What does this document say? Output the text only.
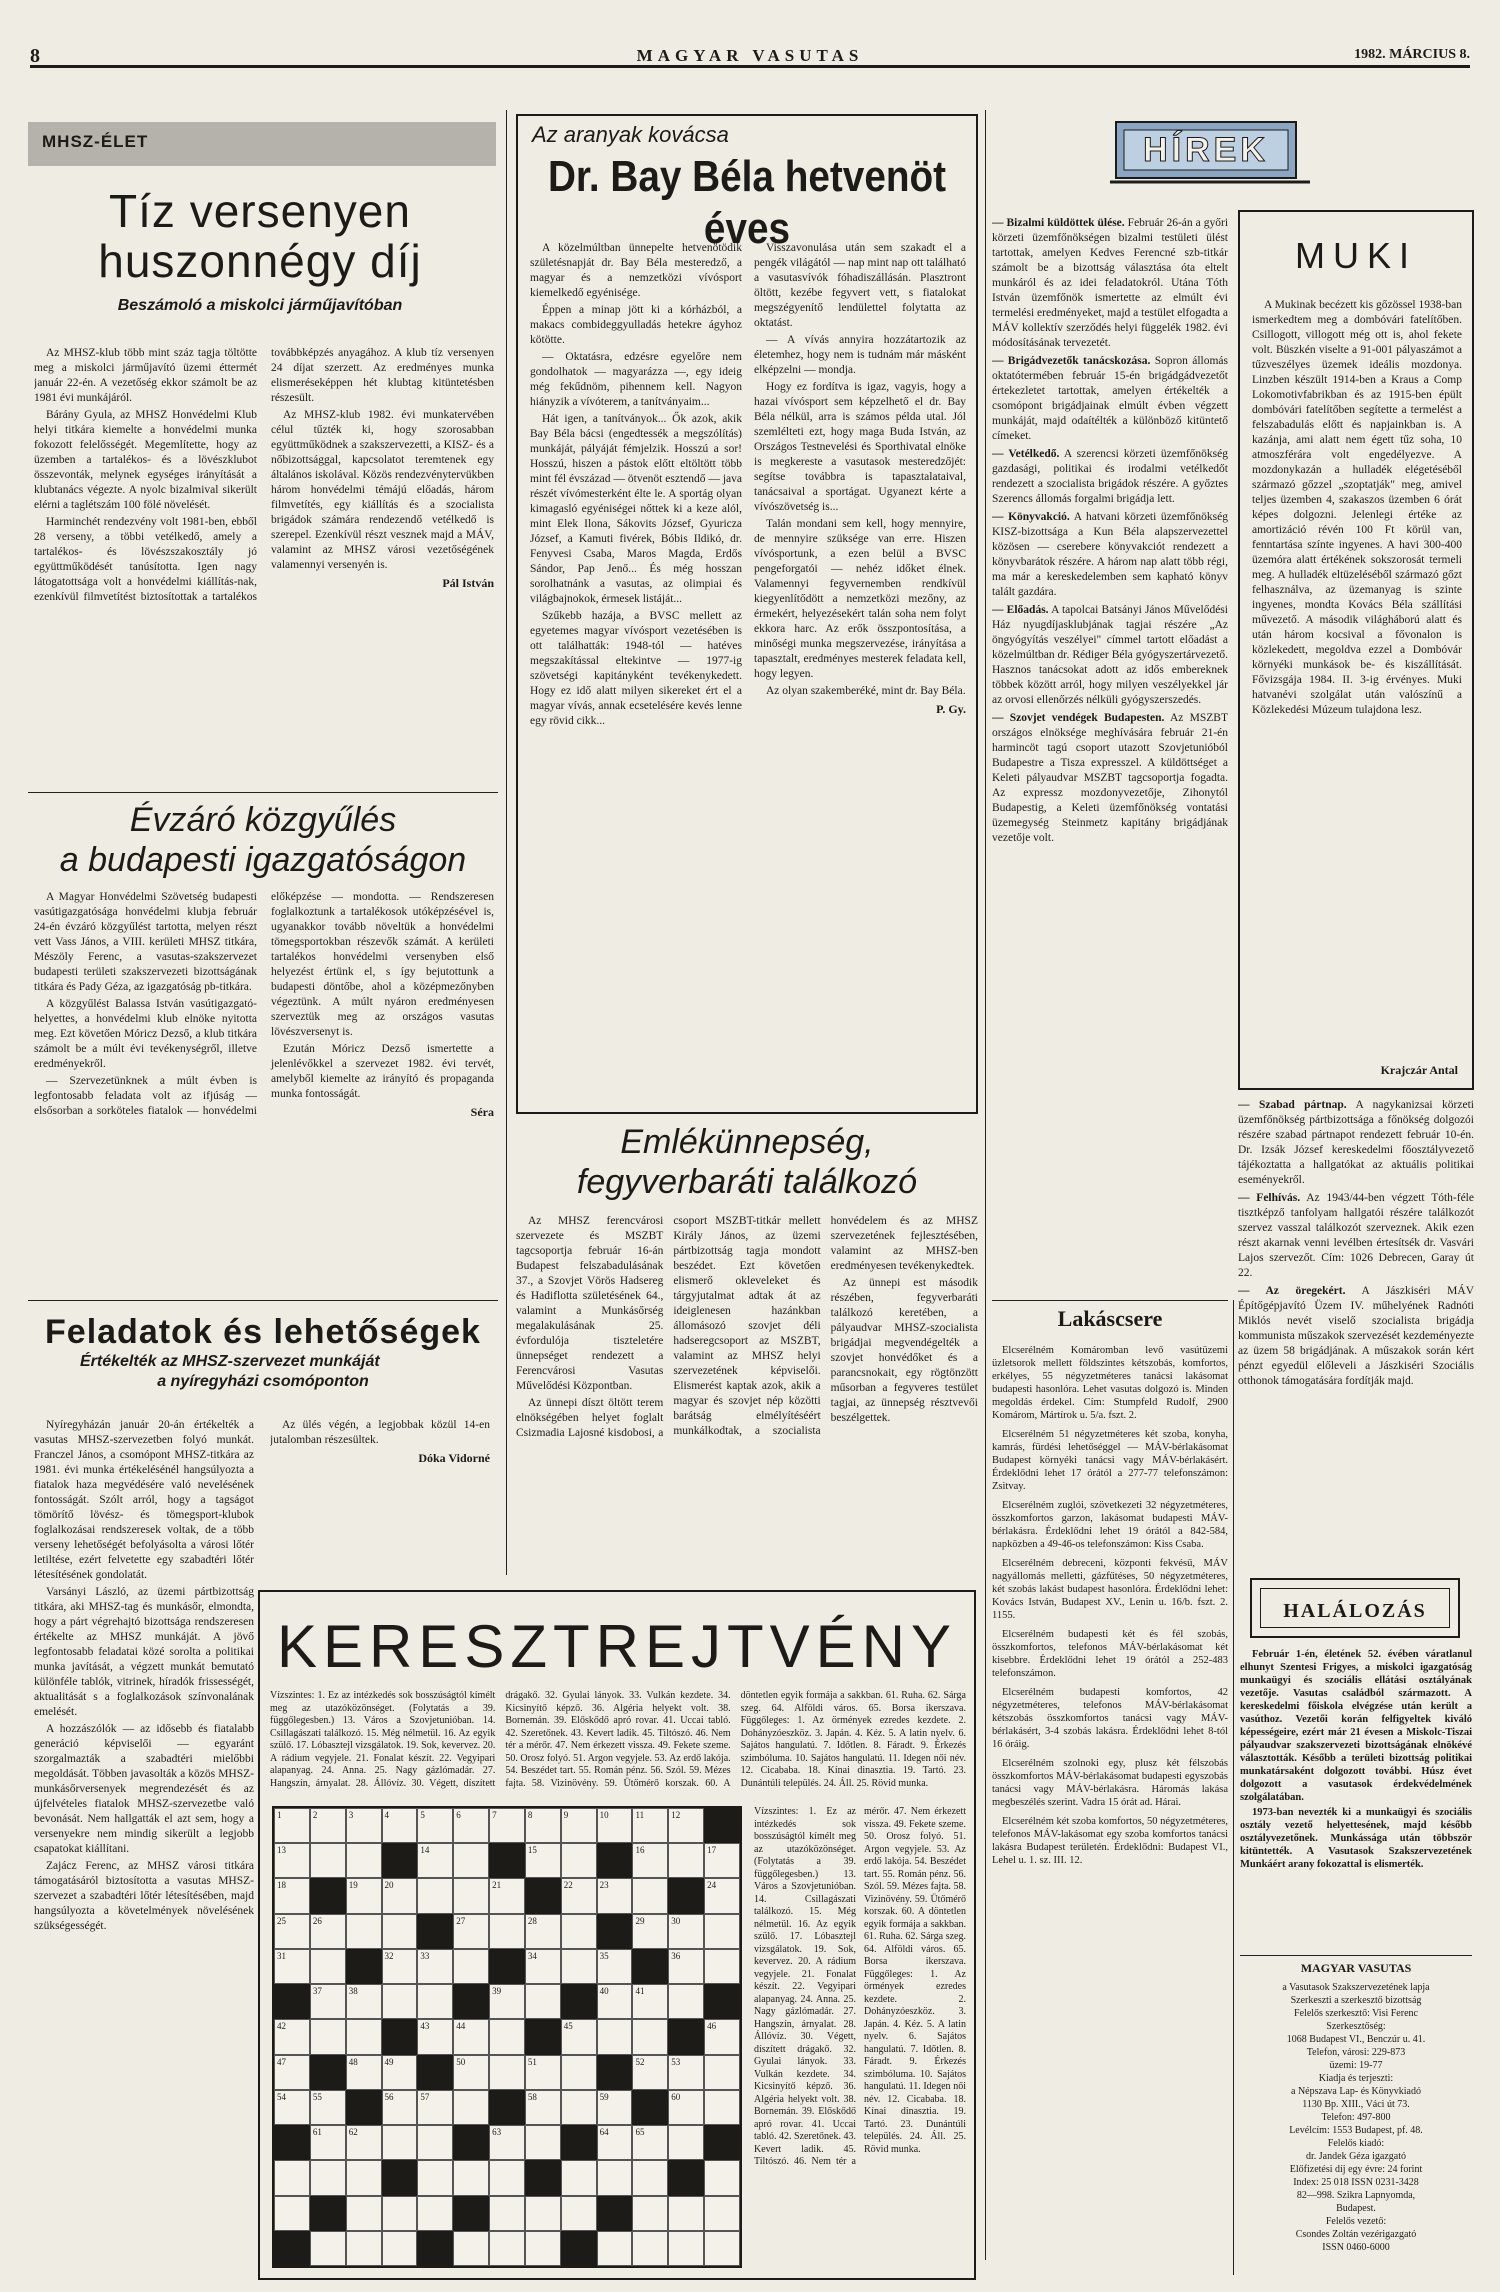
8	MAGYAR VASUTAS	1982. MÁRCIUS 8.
MHSZ-ÉLET
Tíz versenyen
huszonnégy díj
Beszámoló a miskolci járműjavítóban

Az MHSZ-klub több mint száz tagja töltötte meg a miskolci járműjavító üzemi éttermét január 22-én. A vezetőség ekkor számolt be az 1981 évi munkájáról.

Bárány Gyula, az MHSZ Honvédelmi Klub helyi titkára kiemelte a honvédelmi munka fokozott felelősségét. Megemlítette, hogy az üzemben a tartalékos- és a lövészklubot összevonták, melynek egységes irányítását a klubtanács végezte. A nyolc bizalmival sikerült elérni a taglétszám 100 fölé növelését.

Harminchét rendezvény volt 1981-ben, ebből 28 verseny, a többi vetélkedő, amely a tartalékos- és lövészszakosztály jó együttműködését tanúsította. Igen nagy látogatottsága volt a honvédelmi kiállítás-nak, ezenkívül filmvetítést biztosítottak a tartalékos továbbképzés anyagához. A klub tíz versenyen 24 díjat szerzett. Az eredményes munka elismeréseképpen hét klubtag kitüntetésben részesült.

Az MHSZ-klub 1982. évi munkatervében célul tűzték ki, hogy szorosabban együttműködnek a szakszervezetti, a KISZ- és a nőbizottsággal, kapcsolatot teremtenek egy általános iskolával. Közös rendezvénytervükben három honvédelmi témájú előadás, három filmvetítés, egy kiállítás és a szocialista brigádok számára rendezendő vetélkedő is szerepel. Ezenkívül részt vesznek majd a MÁV, valamint az MHSZ városi vezetőségének valamennyi versenyén is.

Pál István
Évzáró közgyűlés
a budapesti igazgatóságon

A Magyar Honvédelmi Szövetség budapesti vasútigazgatósága honvédelmi klubja február 24-én évzáró közgyűlést tartotta, melyen részt vett Vass János, a VIII. kerületi MHSZ titkára, Mészöly Ferenc, a vasutas-szakszervezet budapesti területi szakszervezeti bizottságának titkára és Pady Géza, az igazgatóság pb-titkára.

A közgyűlést Balassa István vasútigazgató-helyettes, a honvédelmi klub elnöke nyitotta meg. Ezt követően Móricz Dezső, a klub titkára számolt be a múlt évi tevékenységről, illetve eredményekről.

— Szervezetünknek a múlt évben is legfontosabb feladata volt az ifjúság — elsősorban a sorköteles fiatalok — honvédelmi előképzése — mondotta. — Rendszeresen foglalkoztunk a tartalékosok utóképzésével is, ugyanakkor tovább növeltük a honvédelmi tömegsportokban részevők számát. A kerületi tartalékos honvédelmi versenyben első helyezést értünk el, s így bejutottunk a budapesti döntőbe, ahol a középmezőnyben végeztünk. A múlt nyáron eredményesen szerveztük meg az országos vasutas lövészversenyt is.

Ezután Móricz Dezső ismertette a jelenlévőkkel a szervezet 1982. évi tervét, amelyből kiemelte az irányító és propaganda munka fontosságát.

Séra
Feladatok és lehetőségek
Értékelték az MHSZ-szervezet munkáját
a nyíregyházi csomóponton

Nyíregyházán január 20-án értékelték a vasutas MHSZ-szervezetben folyó munkát. Franczel János, a csomópont MHSZ-titkára az 1981. évi munka értékelésénél hangsúlyozta a fiatalok haza megvédésére való nevelésének fontosságát. Szólt arról, hogy a tagságot tömörítő lövész- és tömegsport-klubok foglalkozásai rendszeresek voltak, de a több verseny lehetőségét befolyásolta a városi lőtér letiltése, ezért felvetette egy szabadtéri lőtér létesítésének gondolatát.

Varsányi László, az üzemi pártbizottság titkára, aki MHSZ-tag és munkásőr, elmondta, hogy a párt végrehajtó bizottsága rendszeresen értékelte az MHSZ munkáját. A jövő legfontosabb feladatai közé sorolta a politikai munka javítását, a végzett munkát bemutató különféle tablók, vitrinek, híradók frissességét, aktualitását s a foglalkozások színvonalának emelését.

A hozzászólók — az idősebb és fiatalabb generáció képviselői — egyaránt szorgalmazták a szabadtéri mielőbbi megoldását. Többen javasolták a közös MHSZ-munkásőrversenyek megrendezését és az újfelvételes fiatalok MHSZ-szervezetbe való bevonását. Nem hallgatták el azt sem, hogy a versenyekre nem mindig sikerült a legjobb csapatokat kiállítani.

Zajácz Ferenc, az MHSZ városi titkára támogatásáról biztosította a vasutas MHSZ-szervezet a szabadtéri lőtér létesítésében, majd hangsúlyozta a követelmények növelésének szükségességét.

Az ülés végén, a legjobbak közül 14-en jutalomban részesültek.

Dóka Vidorné
Az aranyak kovácsa
Dr. Bay Béla hetvenöt éves

A közelmúltban ünnepelte hetvenötödik születésnapját dr. Bay Béla mesteredző, a magyar és a nemzetközi vívósport kiemelkedő egyénisége.

Éppen a minap jött ki a kórházból, a makacs combideggyulladás hetekre ágyhoz kötötte.

— Oktatásra, edzésre egyelőre nem gondolhatok — magyarázza —, egy ideig még fekűdnöm, pihennem kell. Nagyon hiányzik a vívóterem, a tanítványaim...

Hát igen, a tanítványok... Ők azok, akik Bay Béla bácsi (engedtessék a megszólítás) munkáját, pályáját fémjelzik. Hosszú a sor! Hosszú, hiszen a pástok előtt eltöltött több mint fél évszázad — ötvenöt esztendő — java részét vívómesterként élte le. A sportág olyan kimagasló egyéniségei nőttek ki a keze alól, mint Elek Ilona, Sákovits József, Gyuricza József, a Kamuti fivérek, Bóbis Ildikó, dr. Fenyvesi Csaba, Maros Magda, Erdős Sándor, Pap Jenő... És még hosszan sorolhatnánk a vasutas, az olimpiai és világbajnokok, érmesek listáját...

Szűkebb hazája, a BVSC mellett az egyetemes magyar vívósport vezetésében is ott találhatták: 1948-tól — hatéves megszakítással eltekintve — 1977-ig szövetségi kapitányként tevékenykedett. Hogy ez idő alatt milyen sikereket ért el a magyar vívás, annak ecsetelésére kevés lenne egy rövid cikk...

Visszavonulása után sem szakadt el a pengék világától — nap mint nap ott található a vasutasvívók fóhadiszállásán. Plasztront öltött, kezébe fegyvert vett, s fiatalokat megszégyenítő lendülettel folytatta az oktatást.

— A vívás annyira hozzátartozik az életemhez, hogy nem is tudnám már másként elképzelni — mondja.

Hogy ez fordítva is igaz, vagyis, hogy a hazai vívósport sem képzelhető el dr. Bay Béla nélkül, arra is számos példa utal. Jól szemlélteti ezt, hogy maga Buda István, az Országos Testnevelési és Sporthivatal elnöke is megkereste a vasutasok mesteredzőjét: segítse továbbra is tapasztalataival, tanácsaival a sportágat. Ugyanezt kérte a vívószövetség is...

Talán mondani sem kell, hogy mennyire, de mennyire szüksége van erre. Hiszen vívósportunk, a ezen belül a BVSC pengeforgatói — nehéz időket élnek. Valamennyi fegyvernemben rendkívül kiegyenlítődött a nemzetközi mezőny, az érmekért, helyezésekért talán soha nem folyt ekkora harc. Az erők összpontosítása, a minőségi munka megszervezése, irányítása a tapasztalt, eredményes mesterek feladata kell, hogy legyen.

Az olyan szakemberéké, mint dr. Bay Béla.

P. Gy.
Emlékünnepség,
fegyverbaráti találkozó

Az MHSZ ferencvárosi szervezete és MSZBT tagcsoportja február 16-án Budapest felszabadulásának 37., a Szovjet Vörös Hadsereg és Hadiflotta születésének 64., valamint a Munkásőrség megalakulásának 25. évfordulója tiszteletére ünnepséget rendezett a Ferencvárosi Vasutas Művelődési Központban.

Az ünnepi díszt öltött terem elnökségében helyet foglalt Csizmadia Lajosné kisdobosi, a csoport MSZBT-titkár mellett Király János, az üzemi pártbizottság tagja mondott beszédet. Ezt követően elismerő okleveleket és tárgyjutalmat adtak át az ideiglenesen hazánkban állomásozó szovjet déli hadseregcsoport az MSZBT, valamint az MHSZ helyi szervezetének képviselői. Elismerést kaptak azok, akik a magyar és szovjet nép közötti barátság elmélyítéséért munkálkodtak, a szocialista honvédelem és az MHSZ szervezetének fejlesztésében, valamint az MHSZ-ben eredményesen tevékenykedtek.

Az ünnepi est második részében, fegyverbaráti találkozó keretében, a pályaudvar MHSZ-szocialista brigádjai megvendégelték a szovjet honvédőket és a parancsnokait, egy rögtönzött műsorban a fegyveres testület tagjai, az ünnepség résztvevői beszélgettek.

KERESZTREJTVÉNY

Vízszintes: 1. Ez az intézkedés sok bosszúságtól kímélt meg az utazóközönséget. (Folytatás a 39. függőlegesben.) 13. Város a Szovjetunióban. 14. Csillagászati találkozó. 15. Még nélmetül. 16. Az egyik szülő. 17. Lóbasztejl vizsgálatok. 19. Sok, kevervez. 20. A rádium vegyjele. 21. Fonalat készít. 22. Vegyipari alapanyag. 24. Anna. 25. Nagy gázlómadár. 27. Hangszín, árnyalat. 28. Állóvíz. 30. Végett, díszített drágakő. 32. Gyulai lányok. 33. Vulkán kezdete. 34. Kicsinyítő képző. 36. Algéria helyekt volt. 38. Bornemán. 39. Előskődő apró rovar. 41. Uccai tabló. 42. Szeretőnek. 43. Kevert ladik. 45. Tiltószó. 46. Nem tér a mérőr. 47. Nem érkezett vissza. 49. Fekete szeme. 50. Orosz folyó. 51. Argon vegyjele. 53. Az erdő lakója. 54. Beszédet tart. 55. Román pénz. 56. Szól. 59. Mézes fajta. 58. Vizinövény. 59. Ütőmérő korszak. 60. A döntetlen egyik formája a sakkban. 61. Ruha. 62. Sárga szeg. 64. Alföldi város. 65. Borsa ikerszava. Függőleges: 1. Az örmények ezredes kezdete. 2. Dohányzóeszköz. 3. Japán. 4. Kéz. 5. A latin nyelv. 6. Sajátos hangulatú. 7. Időtlen. 8. Fáradt. 9. Érkezés szimbóluma. 10. Sajátos hangulatú. 11. Idegen női név. 12. Cicababa. 18. Kínai dinasztia. 19. Tartó. 23. Dunántúli település. 24. Áll. 25. Rövid munka.

1	2	3	4	5	6	7	8	9	10	11	12
13	14	15	16	17
18	19	20	21	22	23	24
25	26	27	28	29	30
31	32	33	34	35	36
37	38	39	40	41
42	43	44	45	46
47	48	49	50	51	52	53
54	55	56	57	58	59	60
61	62	63	64	65

Vízszintes: 1. Ez az intézkedés sok bosszúságtól kímélt meg az utazóközönséget. (Folytatás a 39. függőlegesben.) 13. Város a Szovjetunióban. 14. Csillagászati találkozó. 15. Még nélmetül. 16. Az egyik szülő. 17. Lóbasztejl vizsgálatok. 19. Sok, kevervez. 20. A rádium vegyjele. 21. Fonalat készít. 22. Vegyipari alapanyag. 24. Anna. 25. Nagy gázlómadár. 27. Hangszín, árnyalat. 28. Állóvíz. 30. Végett, díszített drágakő. 32. Gyulai lányok. 33. Vulkán kezdete. 34. Kicsinyítő képző. 36. Algéria helyekt volt. 38. Bornemán. 39. Előskődő apró rovar. 41. Uccai tabló. 42. Szeretőnek. 43. Kevert ladik. 45. Tiltószó. 46. Nem tér a mérőr. 47. Nem érkezett vissza. 49. Fekete szeme. 50. Orosz folyó. 51. Argon vegyjele. 53. Az erdő lakója. 54. Beszédet tart. 55. Román pénz. 56. Szól. 59. Mézes fajta. 58. Vizinövény. 59. Ütőmérő korszak. 60. A döntetlen egyik formája a sakkban. 61. Ruha. 62. Sárga szeg. 64. Alföldi város. 65. Borsa ikerszava. Függőleges: 1. Az örmények ezredes kezdete. 2. Dohányzóeszköz. 3. Japán. 4. Kéz. 5. A latin nyelv. 6. Sajátos hangulatú. 7. Időtlen. 8. Fáradt. 9. Érkezés szimbóluma. 10. Sajátos hangulatú. 11. Idegen női név. 12. Cicababa. 18. Kínai dinasztia. 19. Tartó. 23. Dunántúli település. 24. Áll. 25. Rövid munka.

HÍREK
— Bizalmi küldöttek ülése. Február 26-án a győri körzeti üzemfőnökségen bizalmi testületi ülést tartottak, amelyen Kedves Ferencné szb-titkár számolt be a bizottság választása óta eltelt munkáról és az idei feladatokról. Utána Tóth István üzemfőnök ismertette az elmúlt évi termelési eredményeket, majd a testület elfogadta a MÁV kollektív szerződés helyi függelék 1982. évi módosításának tervezetét.
— Brigádvezetők tanácskozása. Sopron állomás oktatótermében február 15-én brigádgádvezetőt értekezletet tartottak, amelyen értékelték a csomópont brigádjainak elmúlt évben végzett munkáját, majd odaítélték a különböző kitüntető címeket.
— Vetélkedő. A szerencsi körzeti üzemfőnökség gazdasági, politikai és irodalmi vetélkedőt rendezett a szocialista brigádok részére. A győztes Szerencs állomás forgalmi brigádja lett.
— Könyvakció. A hatvani körzeti üzemfőnökség KISZ-bizottsága a Kun Béla alapszervezettel közösen — cserebere könyvakciót rendezett a könyvbarátok részére. A három nap alatt több régi, ma már a kereskedelemben sem kapható könyv talált gazdára.
— Előadás. A tapolcai Batsányi János Művelődési Ház nyugdíjasklubjának tagjai részére „Az öngyógyítás veszélyei" címmel tartott előadást a közelmúltban dr. Rédiger Béla gyógyszertárvezető. Hasznos tanácsokat adott az idős embereknek többek között arról, hogy milyen veszélyekkel jár az orvosi ellenőrzés nélküli gyógyszerszedés.
— Szovjet vendégek Budapesten. Az MSZBT országos elnöksége meghívására február 21-én harmincöt tagú csoport utazott Szovjetunióból Budapestre a Tisza expresszel. A küldöttséget a Keleti pályaudvar MSZBT tagcsoportja fogadta. Az expressz mozdonyvezetője, Zihonytól Budapestig, a Keleti üzemfőnökség vontatási üzemegység Steinmetz kapitány brigádjának vezetője volt.
MUKI

A Mukinak becézett kis gőzössel 1938-ban ismerkedtem meg a dombóvári fatelítőben. Csillogott, villogott még ott is, ahol fekete volt. Büszkén viselte a 91-001 pályaszámot a tűzveszélyes üzemek ideális mozdonya. Linzben készült 1914-ben a Kraus a Comp Lokomotivfabrikban és az 1915-ben épült dombóvári fatelítőben segítette a termelést a felszabadulás előtt és napjainkban is. A kazánja, ami alatt nem égett tűz soha, 10 atmoszférára volt engedélyezve. A mozdonykazán a hulladék elégetéséből származó gőzzel „szoptatják" meg, amivel teljes üzemben 4, szakaszos üzemben 6 órát képes dolgozni. Jelenlegi értéke az amortizáció révén 100 Ft körül van, fenntartása színte ingyenes. A havi 300-400 üzemóra alatt értékének sokszorosát termeli meg. A hulladék eltüzeléséből származó gőzt felhasználva, az üzemanyag is szinte ingyenes, mondta Kovács Béla szállítási művezető. A második világháború alatt és után három kocsival a fővonalon is közlekedett, megoldva ezzel a Dombóvár környéki munkások be- és kiszállítását. Fővizsgája 1984. II. 3-ig érvényes. Muki hatvanévi szolgálat után valószínű a Közlekedési Múzeum tulajdona lesz.

Krajczár Antal
— Szabad pártnap. A nagykanizsai körzeti üzemfőnökség pártbizottsága a főnökség dolgozói részére szabad pártnapot rendezett február 10-én. Dr. Izsák József kereskedelmi főosztályvezető tájékoztatta a hallgatókat az aktuális politikai eseményekről.
— Felhívás. Az 1943/44-ben végzett Tóth-féle tisztképző tanfolyam hallgatói részére találkozót szervez vasszal találkozót szerveznek. Akik ezen részt akarnak venni levélben értesítsék dr. Vasvári Lajos szervezőt. Cím: 1026 Debrecen, Garay út 22.
— Az öregekért. A Jászkiséri MÁV Építőgépjavító Üzem IV. műhelyének Radnóti Miklós nevét viselő szocialista brigádja kommunista műszakok szervezését kezdeményezte az üzem 58 brigádjának. A műszakok során kért pénzt egyedül előleveli a Jászkiséri Szociális otthonok támogatására fordítják majd.
Lakáscsere

Elcserélném Komáromban levő vasútüzemi üzletsorok mellett földszintes kétszobás, komfortos, erkélyes, 55 négyzetméteres tanácsi lakásomat budapesti hasonlóra. Lehet vasutas dolgozó is. Minden megoldás érdekel. Cím: Stumpfeld Rudolf, 2900 Komárom, Mártírok u. 5/a. fszt. 2.

Elcserélném 51 négyzetméteres két szoba, konyha, kamrás, fürdési lehetőséggel — MÁV-bérlakásomat Budapest környéki tanácsi vagy MÁV-bérlakásért. Érdeklődni lehet 17 órától a 277-77 telefonszámon: Zsitvay.

Elcserélném zuglói, szövetkezeti 32 négyzetméteres, összkomfortos garzon, lakásomat budapesti MÁV-bérlakásra. Érdeklődni lehet 19 órától a 842-584, napközben a 49-46-os telefonszámon: Kiss Csaba.

Elcserélném debreceni, központi fekvésű, MÁV nagyállomás melletti, gázfűtéses, 50 négyzetméteres, két szobás lakást budapest hasonlóra. Érdeklődni lehet: Kovács István, Budapest XV., Lenin u. 16/b. fszt. 2. 1155.

Elcserélném budapesti két és fél szobás, összkomfortos, telefonos MÁV-bérlakásomat két kisebbre. Érdeklődni lehet 19 órától a 252-483 telefonszámon.

Elcserélném budapesti komfortos, 42 négyzetméteres, telefonos MÁV-bérlakásomat kétszobás összkomfortos tanácsi vagy MÁV-bérlakásért, 3-4 szobás lakásra. Érdeklődni lehet 8-tól 16 óráig.

Elcserélném szolnoki egy, plusz két félszobás összkomfortos MÁV-bérlakásomat budapesti egyszobás tanácsi vagy MÁV-bérlakásra. Háromás lakása megbeszélés szerint. Vadra 15 órát ad. Hárai.

Elcserélném két szoba komfortos, 50 négyzetméteres, telefonos MÁV-lakásomat egy szoba komfortos tanácsi lakásra Budapest területén. Érdeklődni: Budapest VI., Lehel u. 1. sz. III. 12.

HALÁLOZÁS

Február 1-én, életének 52. évében váratlanul elhunyt Szentesi Frigyes, a miskolci igazgatóság munkaügyi és szociális ellátási osztályának vezetője. Vasutas családból származott. A kereskedelmi főiskola elvégzése után került a vasúthoz. Vezetői korán felfigyeltek kiváló képességeire, ezért már 21 évesen a Miskolc-Tiszai pályaudvar szakszervezeti bizottságának elnökévé választották. Később a területi bizottság politikai munkatársaként dolgozott további. Húsz évet dolgozott a vasutasok érdekvédelmének szolgálatában.

1973-ban nevezték ki a munkaügyi és szociális osztály vezető helyettesének, majd később osztályvezetőnek. Munkássága után többször kitüntették. A Vasutasok Szakszervezetének Munkáért arany fokozattal is elismerték.

MAGYAR VASUTAS
a Vasutasok Szakszervezetének lapja
Szerkeszti a szerkesztő bizottság
Felelős szerkesztő: Visi Ferenc
Szerkesztőség:
1068 Budapest VI., Benczúr u. 41.
Telefon, városi: 229-873
üzemi: 19-77
Kiadja és terjeszti:
a Népszava Lap- és Könyvkiadó
1130 Bp. XIII., Váci út 73.
Telefon: 497-800
Levélcím: 1553 Budapest, pf. 48.
Felelős kiadó:
dr. Jandek Géza igazgató
Előfizetési díj egy évre: 24 forint
Index: 25 018 ISSN 0231-3428
82—998. Szikra Lapnyomda,
Budapest.
Felelős vezető:
Csondes Zoltán vezérigazgató
ISSN 0460-6000
